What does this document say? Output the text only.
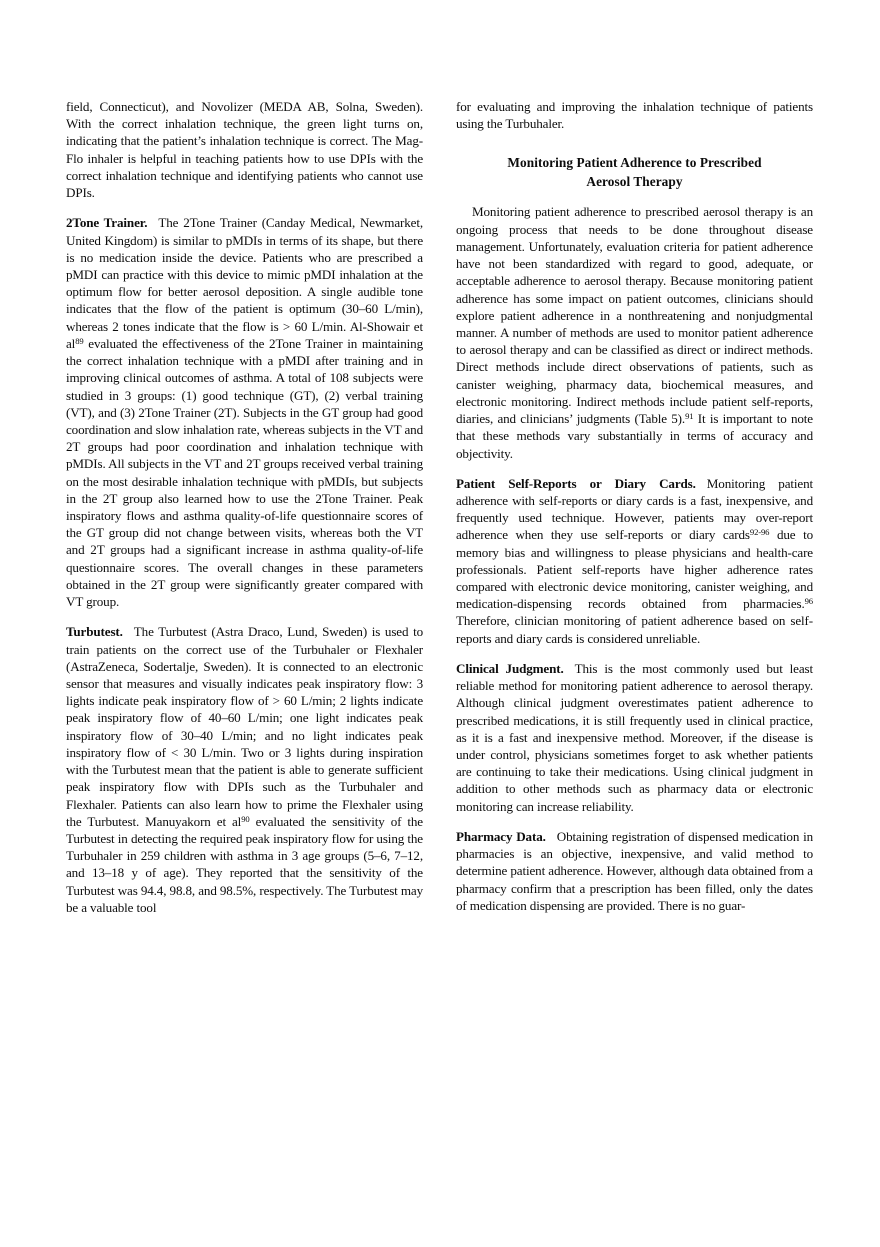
field, Connecticut), and Novolizer (MEDA AB, Solna, Sweden). With the correct inhalation technique, the green light turns on, indicating that the patient’s inhalation technique is correct. The Mag-Flo inhaler is helpful in teaching patients how to use DPIs with the correct inhalation technique and identifying patients who cannot use DPIs.

2Tone Trainer. The 2Tone Trainer (Canday Medical, Newmarket, United Kingdom) is similar to pMDIs in terms of its shape, but there is no medication inside the device. Patients who are prescribed a pMDI can practice with this device to mimic pMDI inhalation at the optimum flow for better aerosol deposition. A single audible tone indicates that the flow of the patient is optimum (30–60 L/min), whereas 2 tones indicate that the flow is > 60 L/min. Al-Showair et $al^{89}$ evaluated the effectiveness of the 2Tone Trainer in maintaining the correct inhalation technique with a pMDI after training and in improving clinical outcomes of asthma. A total of 108 subjects were studied in 3 groups: (1) good technique (GT), (2) verbal training (VT), and (3) 2Tone Trainer (2T). Subjects in the GT group had good coordination and slow inhalation rate, whereas subjects in the VT and 2T groups had poor coordination and inhalation technique with pMDIs. All subjects in the VT and 2T groups received verbal training on the most desirable inhalation technique with pMDIs, but subjects in the 2T group also learned how to use the 2Tone Trainer. Peak inspiratory flows and asthma quality-of-life questionnaire scores of the GT group did not change between visits, whereas both the VT and 2T groups had a significant increase in asthma quality-of-life questionnaire scores. The overall changes in these parameters obtained in the 2T group were significantly greater compared with VT group.

Turbutest. The Turbutest (Astra Draco, Lund, Sweden) is used to train patients on the correct use of the Turbuhaler or Flexhaler (AstraZeneca, Sodertalje, Sweden). It is connected to an electronic sensor that measures and visually indicates peak inspiratory flow: 3 lights indicate peak inspiratory flow of > 60 L/min; 2 lights indicate peak inspiratory flow of 40–60 L/min; one light indicates peak inspiratory flow of 30–40 L/min; and no light indicates peak inspiratory flow of < 30 L/min. Two or 3 lights during inspiration with the Turbutest mean that the patient is able to generate sufficient peak inspiratory flow with DPIs such as the Turbuhaler and Flexhaler. Patients can also learn how to prime the Flexhaler using the Turbutest. Manuyakorn et $al^{90}$ evaluated the sensitivity of the Turbutest in detecting the required peak inspiratory flow for using the Turbuhaler in 259 children with asthma in 3 age groups (5–6, 7–12, and 13–18 y of age). They reported that the sensitivity of the Turbutest was 94.4, 98.8, and 98.5%, respectively. The Turbutest may be a valuable tool

for evaluating and improving the inhalation technique of patients using the Turbuhaler.

Monitoring Patient Adherence to Prescribed
Aerosol Therapy

Monitoring patient adherence to prescribed aerosol therapy is an ongoing process that needs to be done throughout disease management. Unfortunately, evaluation criteria for patient adherence have not been standardized with regard to good, adequate, or acceptable adherence to aerosol therapy. Because monitoring patient adherence has some impact on patient outcomes, clinicians should explore patient adherence in a nonthreatening and nonjudgmental manner. A number of methods are used to monitor patient adherence to aerosol therapy and can be classified as direct or indirect methods. Direct methods include direct observations of patients, such as canister weighing, pharmacy data, biochemical measures, and electronic monitoring. Indirect methods include patient self-reports, diaries, and clinicians’ judgments (Table 5).$^{91}$ It is important to note that these methods vary substantially in terms of accuracy and objectivity.

Patient Self-Reports or Diary Cards. Monitoring patient adherence with self-reports or diary cards is a fast, inexpensive, and frequently used technique. However, patients may over-report adherence when they use self-reports or diary cards$^{92-96}$ due to memory bias and willingness to please physicians and health-care professionals. Patient self-reports have higher adherence rates compared with electronic device monitoring, canister weighing, and medication-dispensing records obtained from pharmacies.$^{96}$ Therefore, clinician monitoring of patient adherence based on self-reports and diary cards is considered unreliable.

Clinical Judgment. This is the most commonly used but least reliable method for monitoring patient adherence to aerosol therapy. Although clinical judgment overestimates patient adherence to prescribed medications, it is still frequently used in clinical practice, as it is a fast and inexpensive method. Moreover, if the disease is under control, physicians sometimes forget to ask whether patients are continuing to take their medications. Using clinical judgment in addition to other methods such as pharmacy data or electronic monitoring can increase reliability.

Pharmacy Data. Obtaining registration of dispensed medication in pharmacies is an objective, inexpensive, and valid method to determine patient adherence. However, although data obtained from a pharmacy confirm that a prescription has been filled, only the dates of medication dispensing are provided. There is no guar-
